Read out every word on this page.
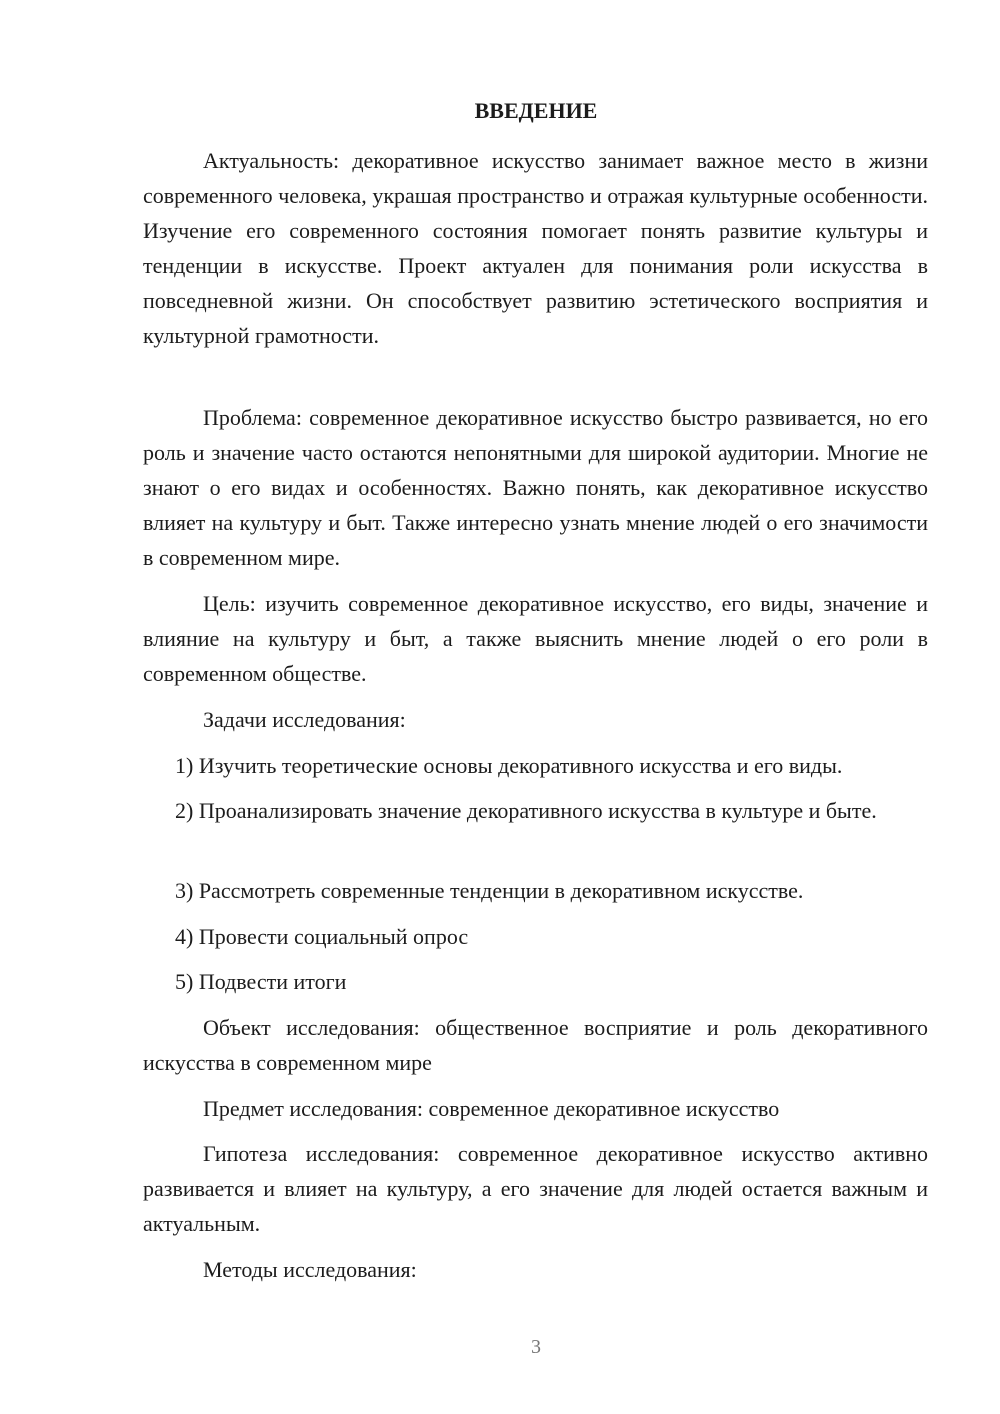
ВВЕДЕНИЕ

Актуальность: декоративное искусство занимает важное место в жизни современного человека, украшая пространство и отражая культурные особенности. Изучение его современного состояния помогает понять развитие культуры и тенденции в искусстве. Проект актуален для понимания роли искусства в повседневной жизни. Он способствует развитию эстетического восприятия и культурной грамотности.

Проблема: современное декоративное искусство быстро развивается, но его роль и значение часто остаются непонятными для широкой аудитории. Многие не знают о его видах и особенностях. Важно понять, как декоративное искусство влияет на культуру и быт. Также интересно узнать мнение людей о его значимости в современном мире.

Цель: изучить современное декоративное искусство, его виды, значение и влияние на культуру и быт, а также выяснить мнение людей о его роли в современном обществе.

Задачи исследования:

1) Изучить теоретические основы декоративного искусства и его виды.

2) Проанализировать значение декоративного искусства в культуре и быте.

3) Рассмотреть современные тенденции в декоративном искусстве.

4) Провести социальный опрос

5) Подвести итоги

Объект исследования: общественное восприятие и роль декоративного искусства в современном мире

Предмет исследования: современное декоративное искусство

Гипотеза исследования: современное декоративное искусство активно развивается и влияет на культуру, а его значение для людей остается важным и актуальным.

Методы исследования:

3
